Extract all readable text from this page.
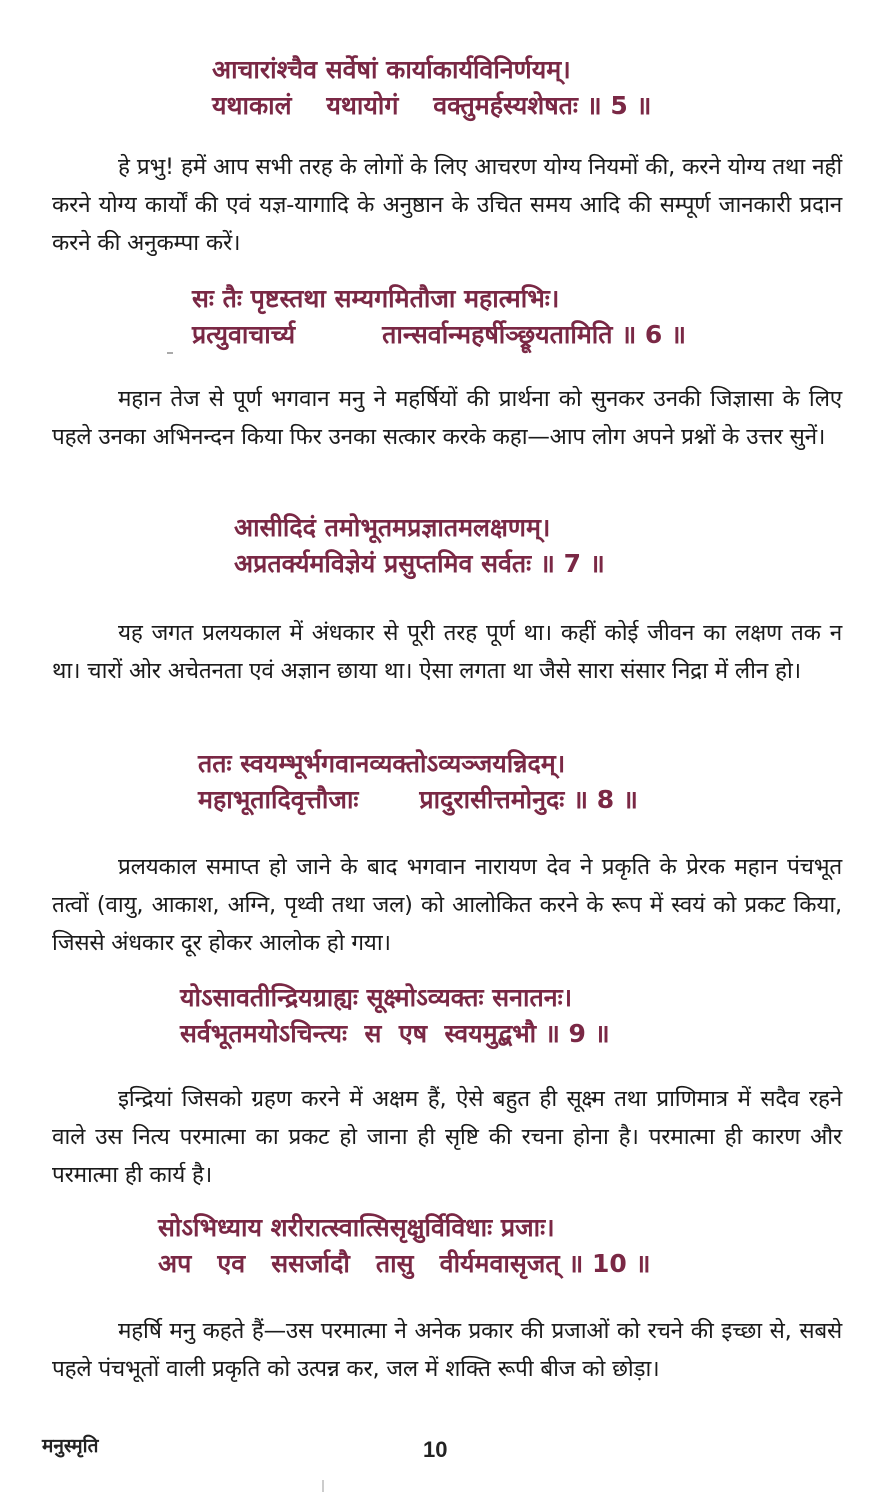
आचारांश्चैव सर्वेषां कार्याकार्यविनिर्णयम्।
यथाकालं    यथायोगं    वक्तुमर्हस्यशेषतः ॥ 5 ॥
हे प्रभु! हमें आप सभी तरह के लोगों के लिए आचरण योग्य नियमों की, करने योग्य तथा नहीं करने योग्य कार्यों की एवं यज्ञ-यागादि के अनुष्ठान के उचित समय आदि की सम्पूर्ण जानकारी प्रदान करने की अनुकम्पा करें।
सः तैः पृष्टस्तथा सम्यगमितौजा महात्मभिः।
प्रत्युवाचार्च्य          तान्सर्वान्महर्षीञ्छ्रूयतामिति ॥ 6 ॥
महान तेज से पूर्ण भगवान मनु ने महर्षियों की प्रार्थना को सुनकर उनकी जिज्ञासा के लिए पहले उनका अभिनन्दन किया फिर उनका सत्कार करके कहा—आप लोग अपने प्रश्नों के उत्तर सुनें।
आसीदिदं तमोभूतमप्रज्ञातमलक्षणम्।
अप्रतर्क्यमविज्ञेयं प्रसुप्तमिव सर्वतः ॥ 7 ॥
यह जगत प्रलयकाल में अंधकार से पूरी तरह पूर्ण था। कहीं कोई जीवन का लक्षण तक न था। चारों ओर अचेतनता एवं अज्ञान छाया था। ऐसा लगता था जैसे सारा संसार निद्रा में लीन हो।
ततः स्वयम्भूर्भगवानव्यक्तोऽव्यञ्जयन्निदम्।
महाभूतादिवृत्तौजाः       प्रादुरासीत्तमोनुदः ॥ 8 ॥
प्रलयकाल समाप्त हो जाने के बाद भगवान नारायण देव ने प्रकृति के प्रेरक महान पंचभूत तत्वों (वायु, आकाश, अग्नि, पृथ्वी तथा जल) को आलोकित करने के रूप में स्वयं को प्रकट किया, जिससे अंधकार दूर होकर आलोक हो गया।
योऽसावतीन्द्रियग्राह्यः सूक्ष्मोऽव्यक्तः सनातनः।
सर्वभूतमयोऽचिन्त्यः  स  एष  स्वयमुद्बभौ ॥ 9 ॥
इन्द्रियां जिसको ग्रहण करने में अक्षम हैं, ऐसे बहुत ही सूक्ष्म तथा प्राणिमात्र में सदैव रहने वाले उस नित्य परमात्मा का प्रकट हो जाना ही सृष्टि की रचना होना है। परमात्मा ही कारण और परमात्मा ही कार्य है।
सोऽभिध्याय शरीरात्स्वात्सिसृक्षुर्विविधाः प्रजाः।
अप   एव   ससर्जादौ   तासु   वीर्यमवासृजत् ॥ 10 ॥
महर्षि मनु कहते हैं—उस परमात्मा ने अनेक प्रकार की प्रजाओं को रचने की इच्छा से, सबसे पहले पंचभूतों वाली प्रकृति को उत्पन्न कर, जल में शक्ति रूपी बीज को छोड़ा।
मनुस्मृति	10
